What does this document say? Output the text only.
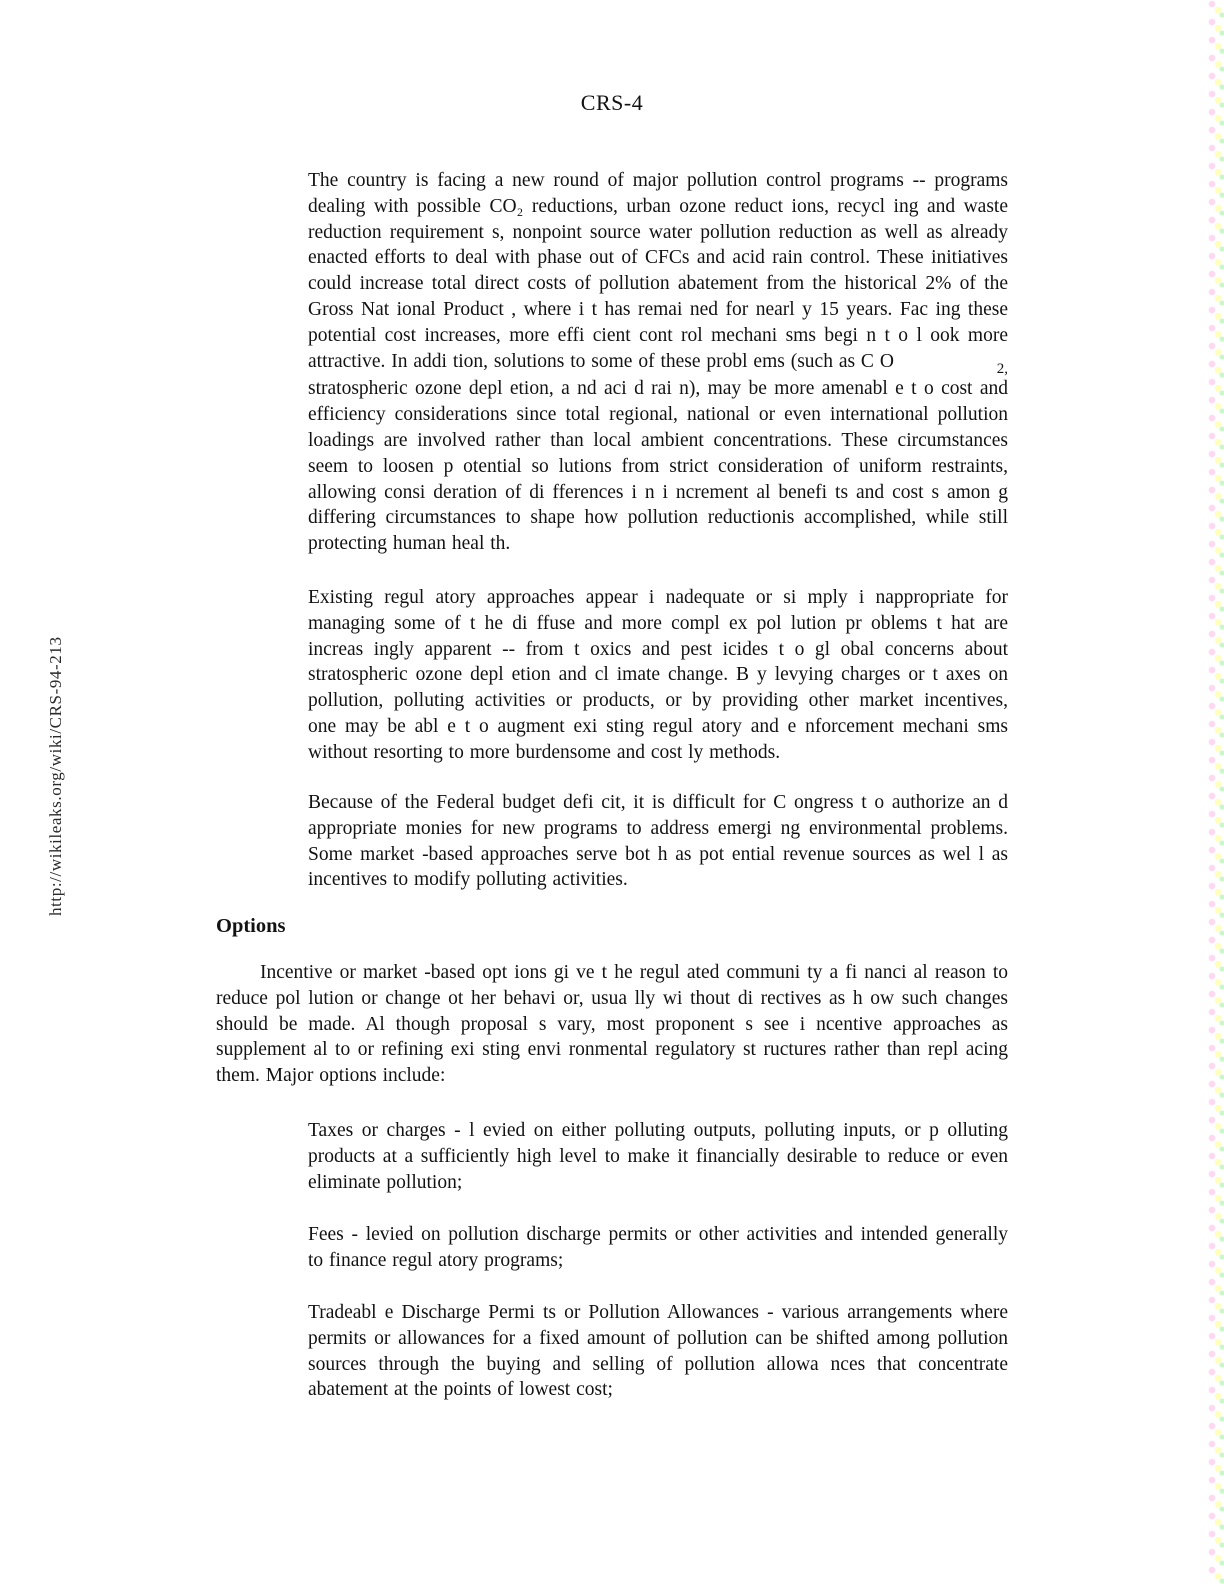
CRS-4
http://wikileaks.org/wiki/CRS-94-213
The country is facing a new round of major pollution control programs -- programs
dealing with possible CO₂ reductions, urban ozone reduct ions, recycl ing and waste
reduction requirement s, nonpoint source water pollution reduction as well as already
enacted efforts to deal with phase out of CFCs and acid rain control. These initiatives
could increase total direct costs of pollution abatement from the historical 2% of the
Gross Nat ional Product , where i t has remai ned for nearl y 15 years. Fac ing these
potential cost increases, more effi cient cont rol mechani sms begi n t o l ook more
attractive. In addi tion, solutions to some of these probl ems (such as C O	2,
stratospheric ozone depl etion, a nd aci d rai n), may be more amenabl e t o cost and
efficiency considerations since total regional, national or even international pollution
loadings are involved rather than local ambient concentrations. These circumstances
seem to loosen p otential so lutions from strict consideration of uniform restraints,
allowing consi deration of di fferences i n i ncrement al benefi ts and cost s amon g
differing circumstances to shape how pollution reductionis accomplished, while still
protecting human heal th.
Existing regul atory approaches appear i nadequate or si mply i nappropriate for
managing some of t he di ffuse and more compl ex pol lution pr oblems t hat are
increas ingly apparent -- from t oxics and pest icides t o gl obal concerns about
stratospheric ozone depl etion and cl imate change. B y levying charges or t axes on
pollution, polluting activities or products, or by providing other market incentives,
one may be abl e t o augment exi sting regul atory and e nforcement mechani sms
without resorting to more burdensome and cost ly methods.
Because of the Federal budget defi cit, it is difficult for C ongress t o authorize an d
appropriate monies for new programs to address emergi ng environmental problems.
Some market -based approaches serve bot h as pot ential revenue sources as wel l as
incentives to modify polluting activities.
Options
Incentive or market -based opt ions gi ve t he regul ated communi ty a fi nanci al reason to
reduce pol lution or change ot her behavi or, usua lly wi thout di rectives as h ow such changes
should be made. Al though proposal s vary, most proponent s see i ncentive approaches as
supplement al to or refining exi sting envi ronmental regulatory st ructures rather than repl acing
them. Major options include:
Taxes or charges - l evied on either polluting outputs, polluting inputs, or p olluting
products at a sufficiently high level to make it financially desirable to reduce or even
eliminate pollution;
Fees - levied on pollution discharge permits or other activities and intended generally
to finance regul atory programs;
Tradeabl e Discharge Permi ts or Pollution Allowances - various arrangements where
permits or allowances for a fixed amount of pollution can be shifted among pollution
sources through the buying and selling of pollution allowa nces that concentrate
abatement at the points of lowest cost;
